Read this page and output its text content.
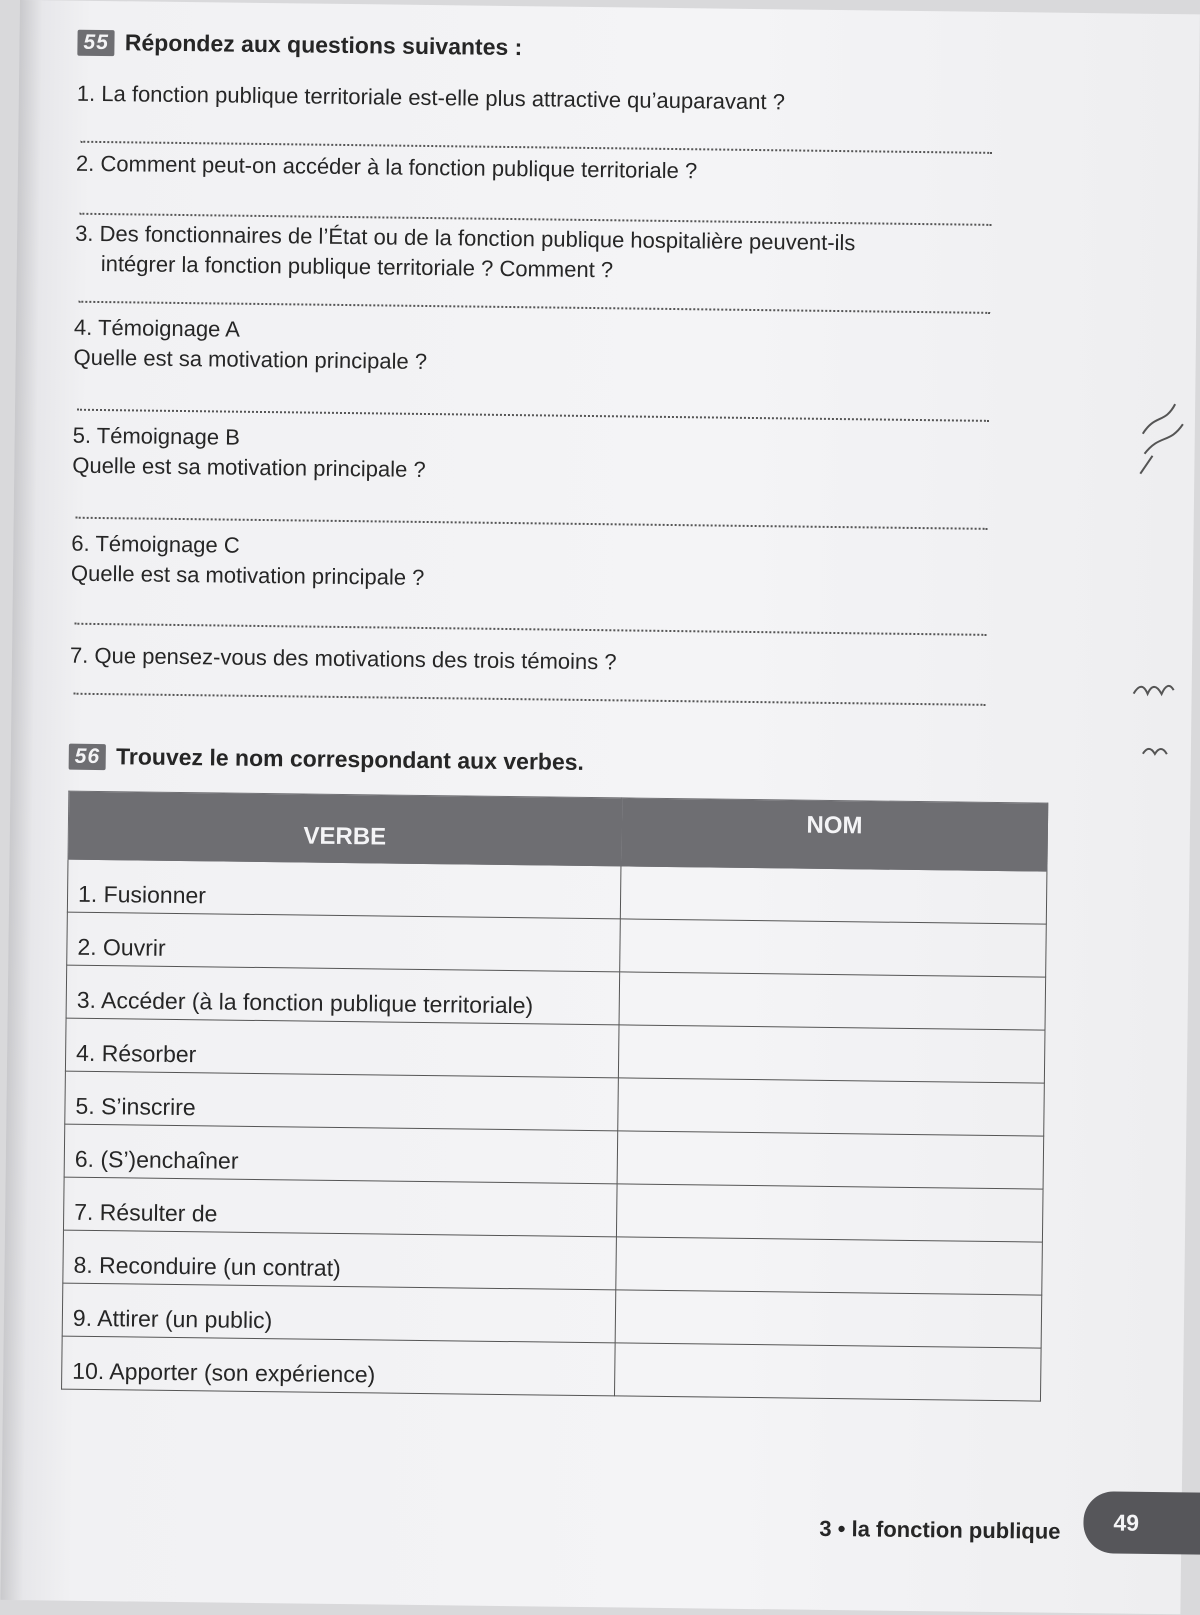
55 Répondez aux questions suivantes :
1. La fonction publique territoriale est-elle plus attractive qu’auparavant ?
2. Comment peut-on accéder à la fonction publique territoriale ?
3. Des fonctionnaires de l’État ou de la fonction publique hospitalière peuvent-ils
intégrer la fonction publique territoriale ? Comment ?
4. Témoignage A
Quelle est sa motivation principale ?
5. Témoignage B
Quelle est sa motivation principale ?
6. Témoignage C
Quelle est sa motivation principale ?
7. Que pensez-vous des motivations des trois témoins ?
56 Trouvez le nom correspondant aux verbes.
VERBE	NOM
1. Fusionner	
2. Ouvrir	
3. Accéder (à la fonction publique territoriale)	
4. Résorber	
5. S’inscrire	
6. (S’)enchaîner	
7. Résulter de	
8. Reconduire (un contrat)	
9. Attirer (un public)	
10. Apporter (son expérience)	
3 • la fonction publique 49
